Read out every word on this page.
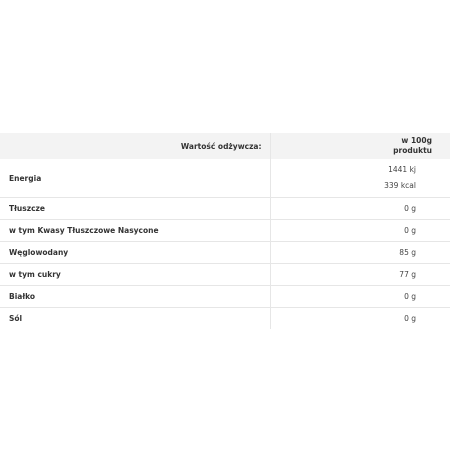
Wartość odżywcza:	w 100g
produktu

Energia	1441 kj
339 kcal

Tłuszcze	0 g
w tym Kwasy Tłuszczowe Nasycone	0 g
Węglowodany	85 g
w tym cukry	77 g
Białko	0 g
Sól	0 g
